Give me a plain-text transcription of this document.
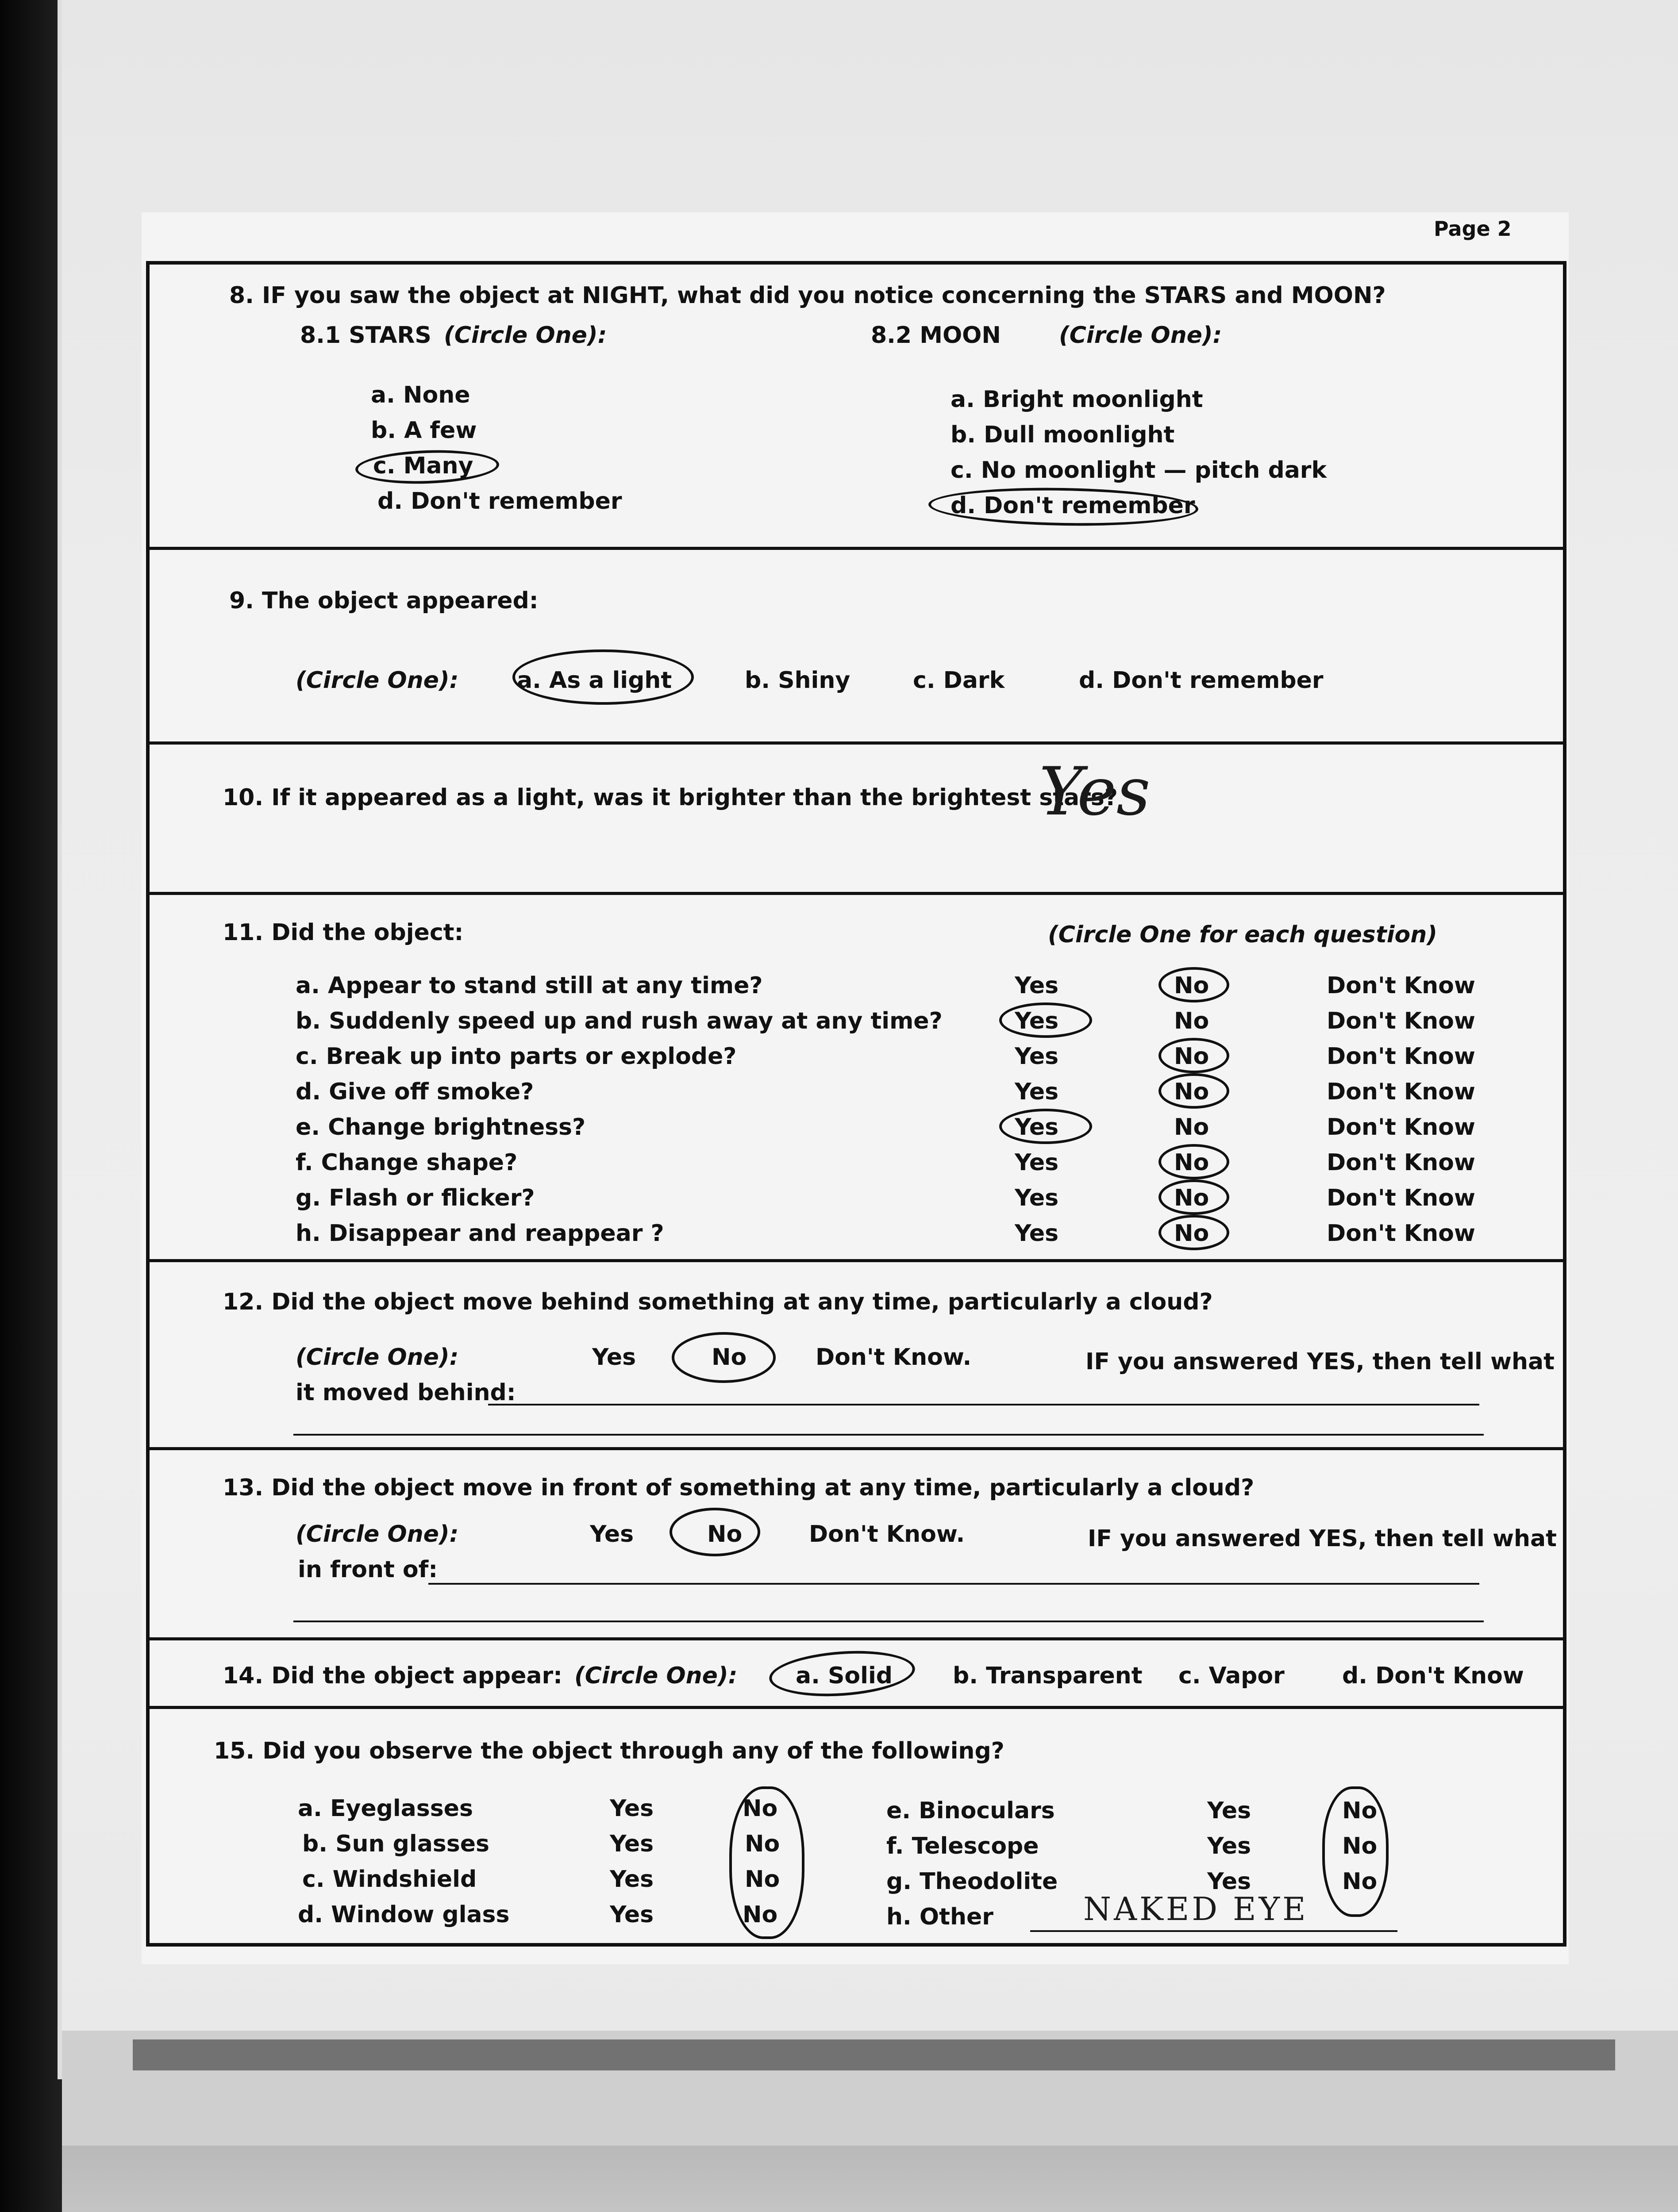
Page 2
8. IF you saw the object at NIGHT, what did you notice concerning the STARS and MOON?
8.1 STARS (Circle One):
a. None
b. A few
c. Many
d. Don't remember
8.2 MOON	(Circle One):
a. Bright moonlight
b. Dull moonlight
c. No moonlight — pitch dark
d. Don't remember
9. The object appeared:
(Circle One):	a. As a light	b. Shiny	c. Dark	d. Don't remember
10. If it appeared as a light, was it brighter than the brightest stars?
Yes
11. Did the object:	(Circle One for each question)
a. Appear to stand still at any time?	Yes	No	Don't Know
b. Suddenly speed up and rush away at any time?	Yes	No	Don't Know
c. Break up into parts or explode?	Yes	No	Don't Know
d. Give off smoke?	Yes	No	Don't Know
e. Change brightness?	Yes	No	Don't Know
f. Change shape?	Yes	No	Don't Know
g. Flash or flicker?	Yes	No	Don't Know
h. Disappear and reappear ?	Yes	No	Don't Know
12. Did the object move behind something at any time, particularly a cloud?
(Circle One):	Yes	No	Don't Know.	IF you answered YES, then tell what
it moved behind:
13. Did the object move in front of something at any time, particularly a cloud?
(Circle One):	Yes	No	Don't Know.	IF you answered YES, then tell what
in front of:
14. Did the object appear: (Circle One):	a. Solid	b. Transparent c. Vapor	d. Don't Know
15. Did you observe the object through any of the following?
a. Eyeglasses	Yes	No
b. Sun glasses	Yes	No
c. Windshield	Yes	No
d. Window glass	Yes	No
e. Binoculars	Yes	No
f. Telescope	Yes	No
g. Theodolite	Yes	No
h. Other	NAKED EYE
